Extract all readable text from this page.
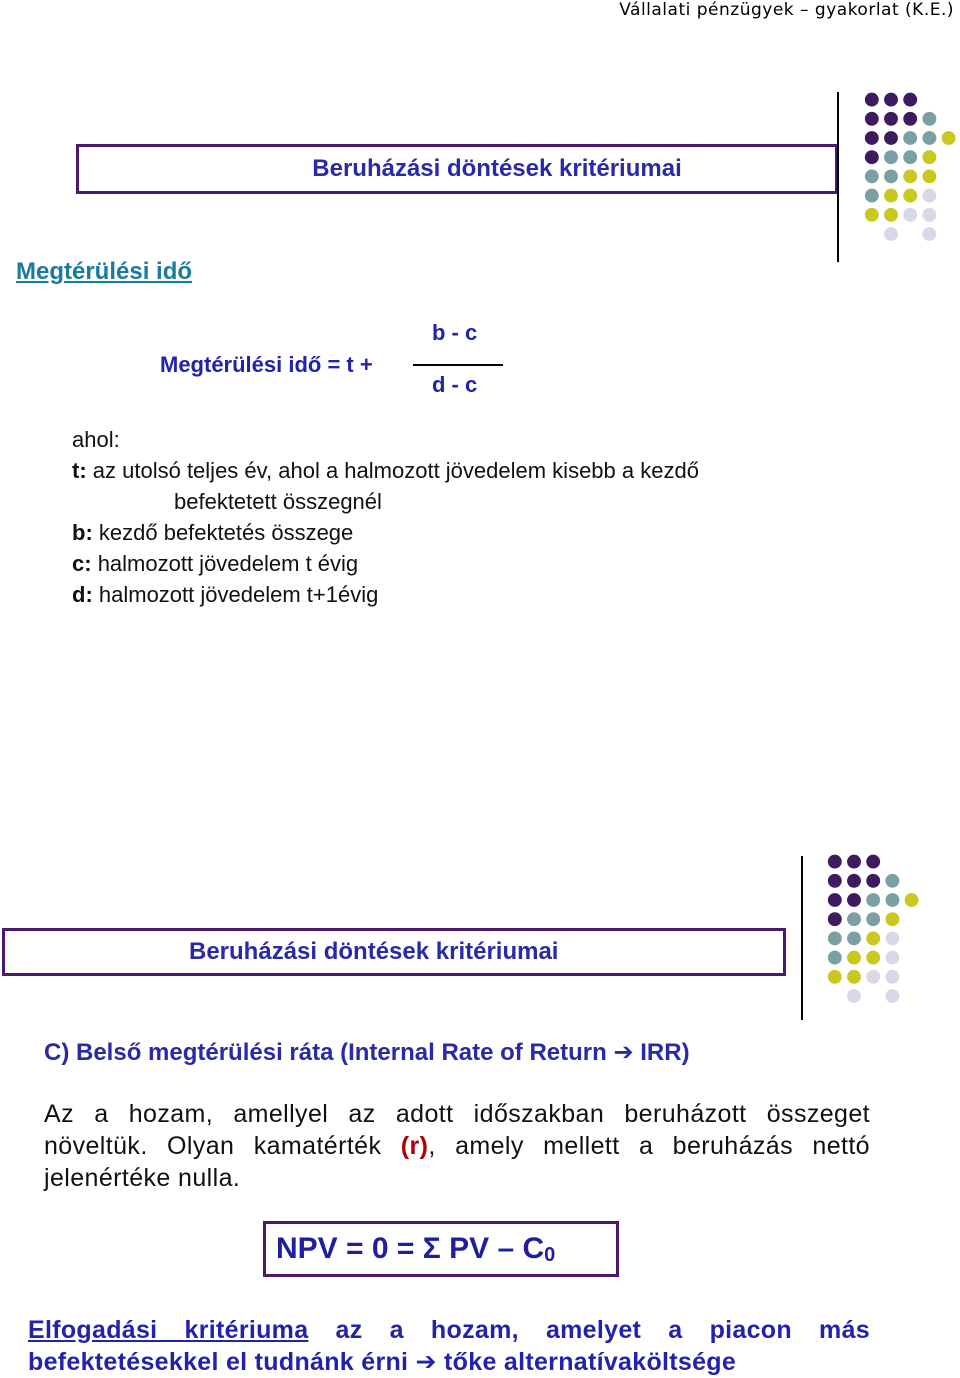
Vállalati pénzügyek – gyakorlat (K.E.)
Beruházási döntések kritériumai
Megtérülési idő
Megtérülési idő = t +
b - c
d - c
ahol:
t: az utolsó teljes év, ahol a halmozott jövedelem kisebb a kezdő
befektetett összegnél
b: kezdő befektetés összege
c: halmozott jövedelem t évig
d: halmozott jövedelem t+1évig
Beruházási döntések kritériumai
C) Belső megtérülési ráta (Internal Rate of Return ➔ IRR)
Az a hozam, amellyel az adott időszakban beruházott összeget növeltük. Olyan kamatérték (r), amely mellett a beruházás nettó jelenértéke nulla.
NPV = 0 = Σ PV – $C_0$
Elfogadási kritériuma az a hozam, amelyet a piacon más befektetésekkel el tudnánk érni ➔ tőke alternatívaköltsége
